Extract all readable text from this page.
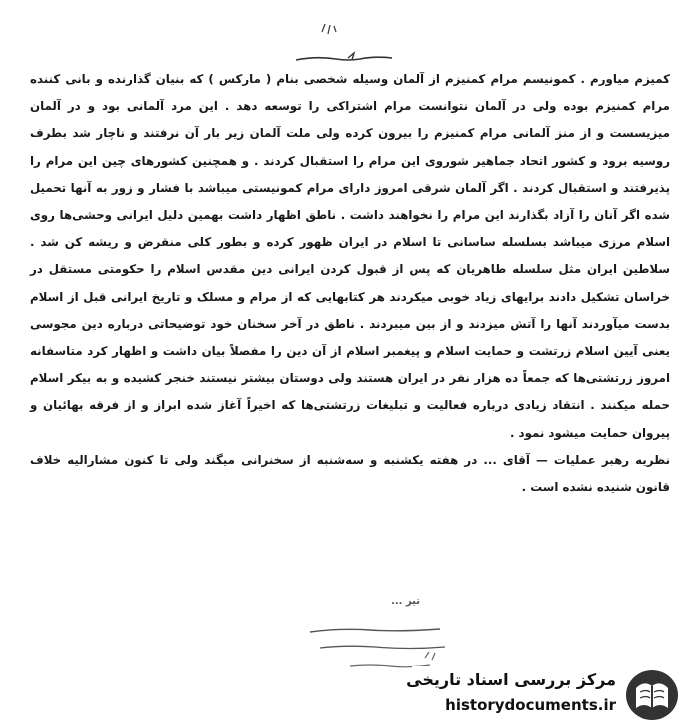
کمیزم میاورم . کمونیسم مرام کمنیزم از آلمان وسیله شخصی بنام ( مارکس ) که بنیان گذارنده و بانی کننده مرام کمنیزم بوده ولی در آلمان نتوانست مرام اشتراکی را توسعه دهد . این مرد آلمانی بود و در آلمان میزیسست و از منز آلمانی مرام کمنیزم را بیرون کرده ولی ملت آلمان زیر بار آن نرفتند و ناچار شد بطرف روسیه برود و کشور اتحاد جماهیر شوروی این مرام را استقبال کردند . و همچنین کشورهای چین این مرام را پذیرفتند و استقبال کردند . اگر آلمان شرقی امروز دارای مرام کمونیستی میباشد با فشار و زور به آنها تحمیل شده اگر آنان را آزاد بگذارند این مرام را نخواهند داشت . ناطق اظهار داشت بهمین دلیل ایرانی وحشی‌ها روی اسلام مرزی میباشد بسلسله ساسانی تا اسلام در ایران ظهور کرده و بطور کلی منقرض و ریشه کن شد . سلاطین ایران مثل سلسله طاهریان که پس از قبول کردن ایرانی دین مقدس اسلام را حکومتی مستقل در خراسان تشکیل دادند برایهای زیاد خوبی میکردند هر کتابهایی که از مرام و مسلک و تاریخ ایرانی قبل از اسلام بدست میآوردند آنها را آتش میزدند و از بین میبردند . ناطق در آخر سخنان خود توضیحاتی درباره دین مجوسی یعنی آیین اسلام زرتشت و حمایت اسلام و پیغمبر اسلام از آن دین را مفصلاً بیان داشت و اظهار کرد متاسفانه امروز زرتشتی‌ها که جمعاً ده هزار نفر در ایران هستند ولی دوستان بیشتر نیستند خنجر کشیده و به بیکر اسلام حمله میکنند . انتقاد زیادی درباره فعالیت و تبلیغات زرتشتی‌ها که اخیراً آغاز شده ابراز و از فرقه بهائیان و پیروان حمایت میشود نمود .

نظریه رهبر عملیات — آقای ... در هفته یکشنبه و سه‌شنبه از سخنرانی میگند ولی تا کنون مشارالیه خلاف قانون شنیده نشده است .

تیر ...
مرکز بررسی اسناد تاریخی
historydocuments.ir
